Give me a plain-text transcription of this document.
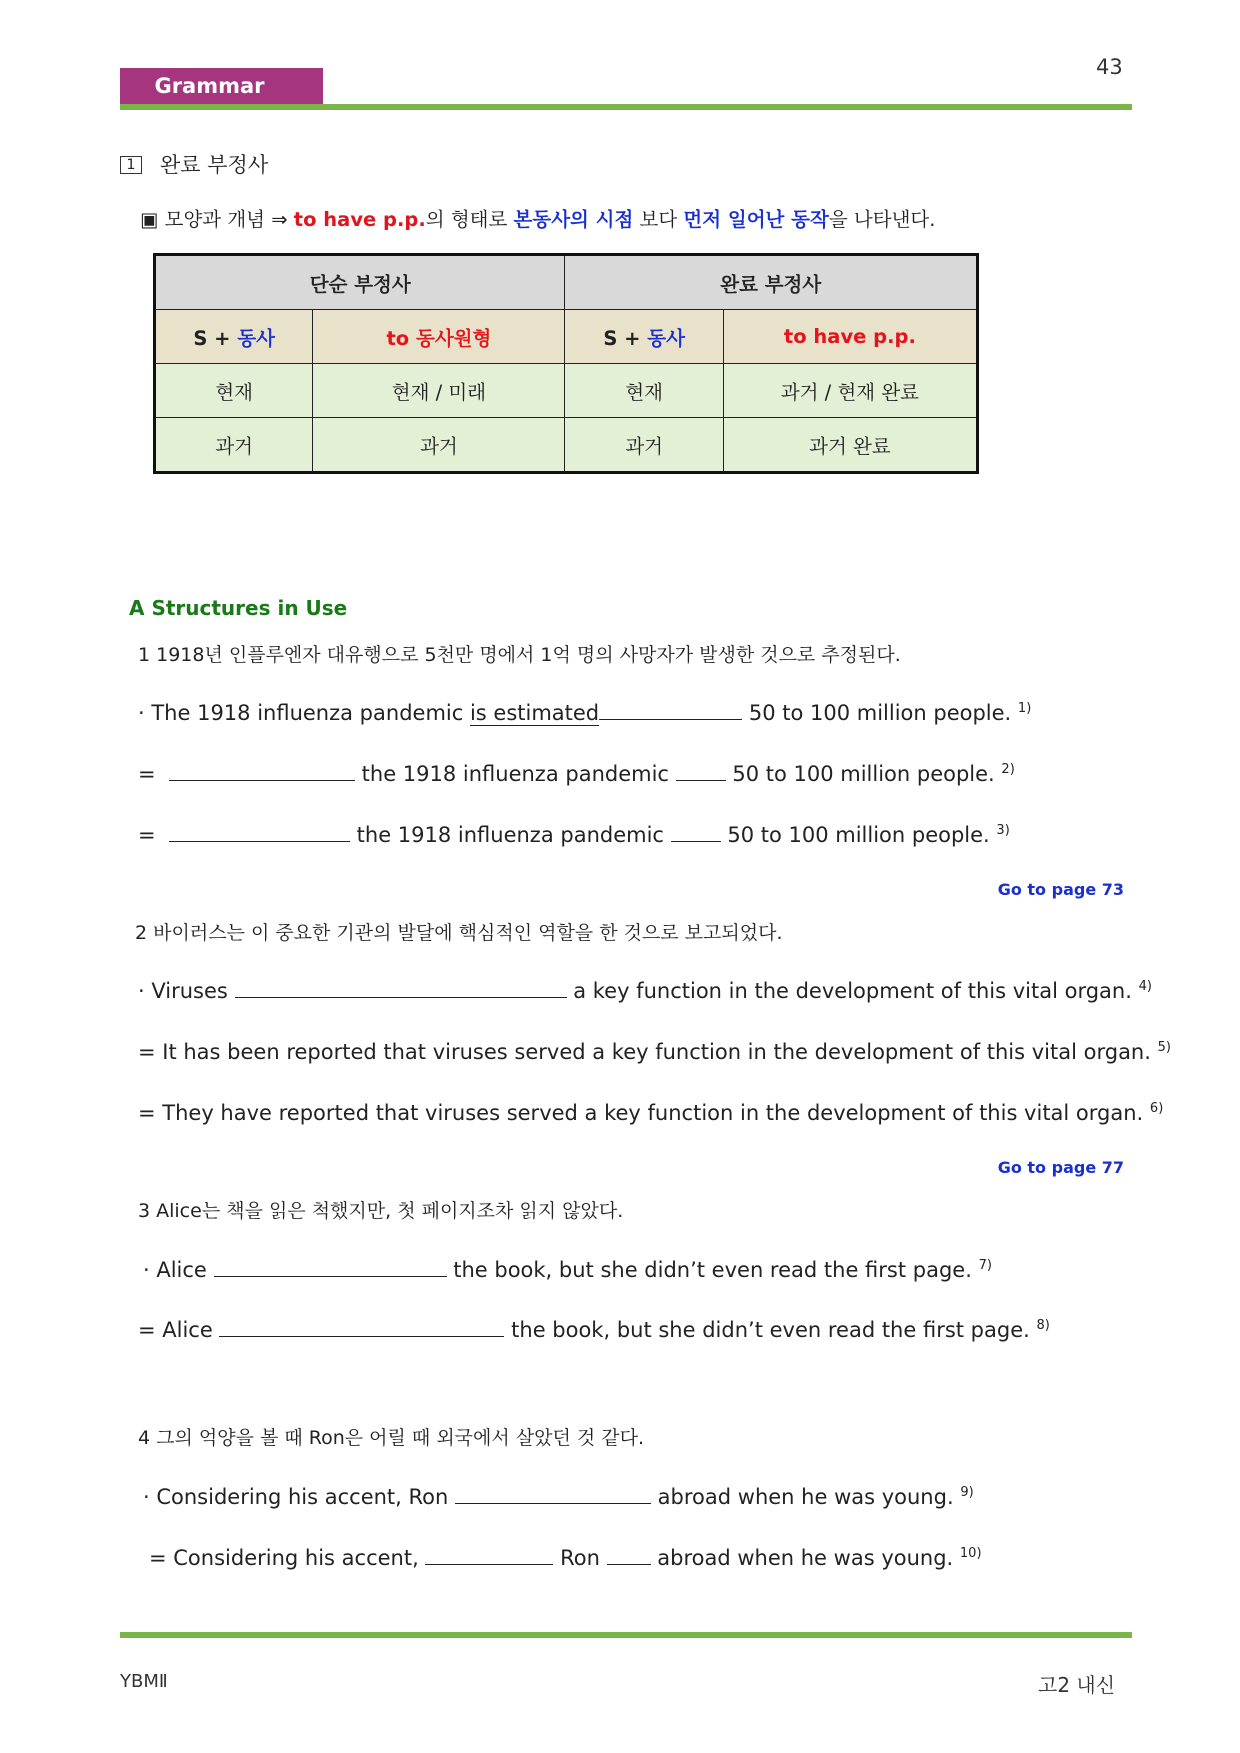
43
Grammar
1	완료 부정사
▣ 모양과 개념 ⇒ to have p.p.의 형태로 본동사의 시점 보다 먼저 일어난 동작을 나타낸다.
단순 부정사		완료 부정사	
S + 동사	to 동사원형	S + 동사	to have p.p.
현재	현재 / 미래	현재	과거 / 현재 완료
과거	과거	과거	과거 완료
A Structures in Use
1 1918년 인플루엔자 대유행으로 5천만 명에서 1억 명의 사망자가 발생한 것으로 추정된다.
· The 1918 influenza pandemic is estimated	50 to 100 million people. $^{1)}$
=	the 1918 influenza pandemic  50 to 100 million people. $^{2)}$
=	the 1918 influenza pandemic  50 to 100 million people. $^{3)}$
Go to page 73
2 바이러스는 이 중요한 기관의 발달에 핵심적인 역할을 한 것으로 보고되었다.
· Viruses	a key function in the development of this vital organ. $^{4)}$
= It has been reported that viruses served a key function in the development of this vital organ. $^{5)}$
= They have reported that viruses served a key function in the development of this vital organ. $^{6)}$
Go to page 77
3 Alice는 책을 읽은 척했지만, 첫 페이지조차 읽지 않았다.
· Alice	the book, but she didn’t even read the first page. $^{7)}$
= Alice	the book, but she didn’t even read the first page. $^{8)}$
4 그의 억양을 볼 때 Ron은 어릴 때 외국에서 살았던 것 같다.
· Considering his accent, Ron	abroad when he was young. $^{9)}$
= Considering his accent,	Ron  abroad when he was young. $^{10)}$
YBMⅡ	고2 내신
